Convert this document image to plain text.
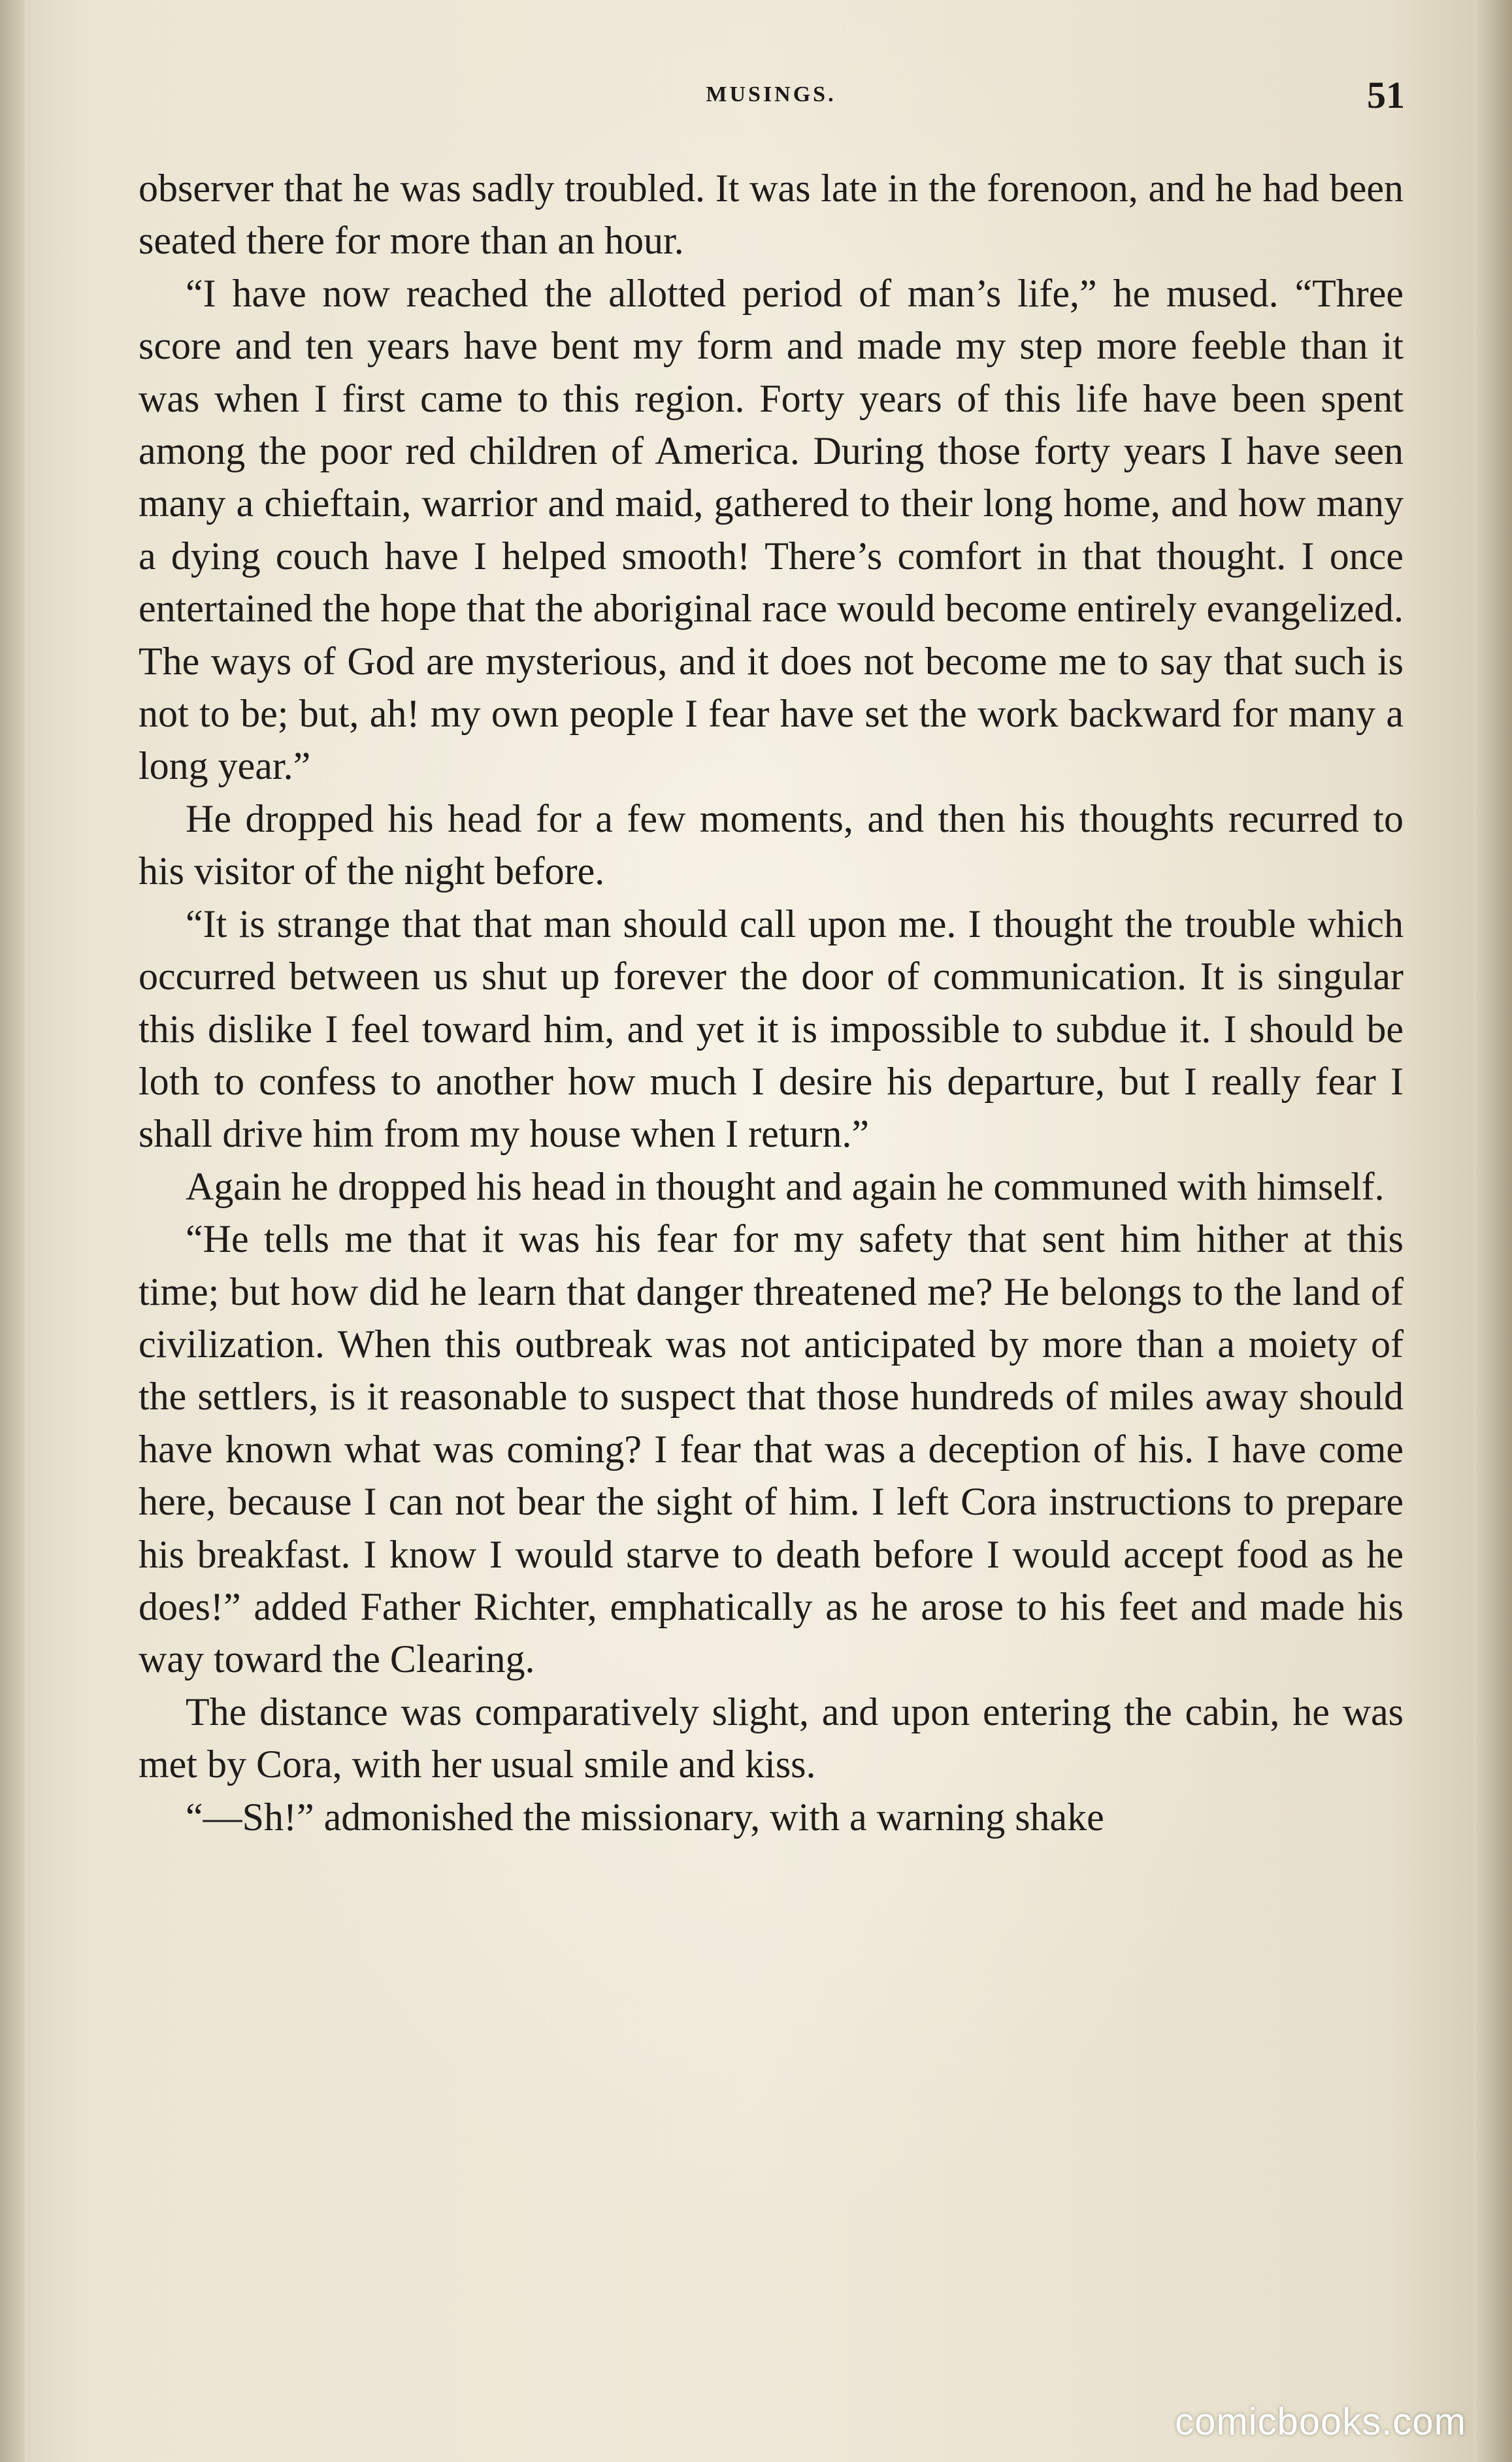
MUSINGS.	51

observer that he was sadly troubled. It was late in the forenoon, and he had been seated there for more than an hour.

“I have now reached the allotted period of man’s life,” he mused. “Three score and ten years have bent my form and made my step more feeble than it was when I first came to this region. Forty years of this life have been spent among the poor red children of America. During those forty years I have seen many a chieftain, warrior and maid, gathered to their long home, and how many a dying couch have I helped smooth! There’s comfort in that thought. I once entertained the hope that the aboriginal race would become entirely evangelized. The ways of God are mysterious, and it does not become me to say that such is not to be; but, ah! my own people I fear have set the work backward for many a long year.”

He dropped his head for a few moments, and then his thoughts recurred to his visitor of the night before.

“It is strange that that man should call upon me. I thought the trouble which occurred between us shut up forever the door of communication. It is singular this dislike I feel toward him, and yet it is impossible to subdue it. I should be loth to confess to another how much I desire his departure, but I really fear I shall drive him from my house when I return.”

Again he dropped his head in thought and again he communed with himself.

“He tells me that it was his fear for my safety that sent him hither at this time; but how did he learn that danger threatened me? He belongs to the land of civilization. When this outbreak was not anticipated by more than a moiety of the settlers, is it reasonable to suspect that those hundreds of miles away should have known what was coming? I fear that was a deception of his. I have come here, because I can not bear the sight of him. I left Cora instructions to prepare his breakfast. I know I would starve to death before I would accept food as he does!” added Father Richter, emphatically as he arose to his feet and made his way toward the Clearing.

The distance was comparatively slight, and upon entering the cabin, he was met by Cora, with her usual smile and kiss.

“—Sh!” admonished the missionary, with a warning shake

comicbooks.com
